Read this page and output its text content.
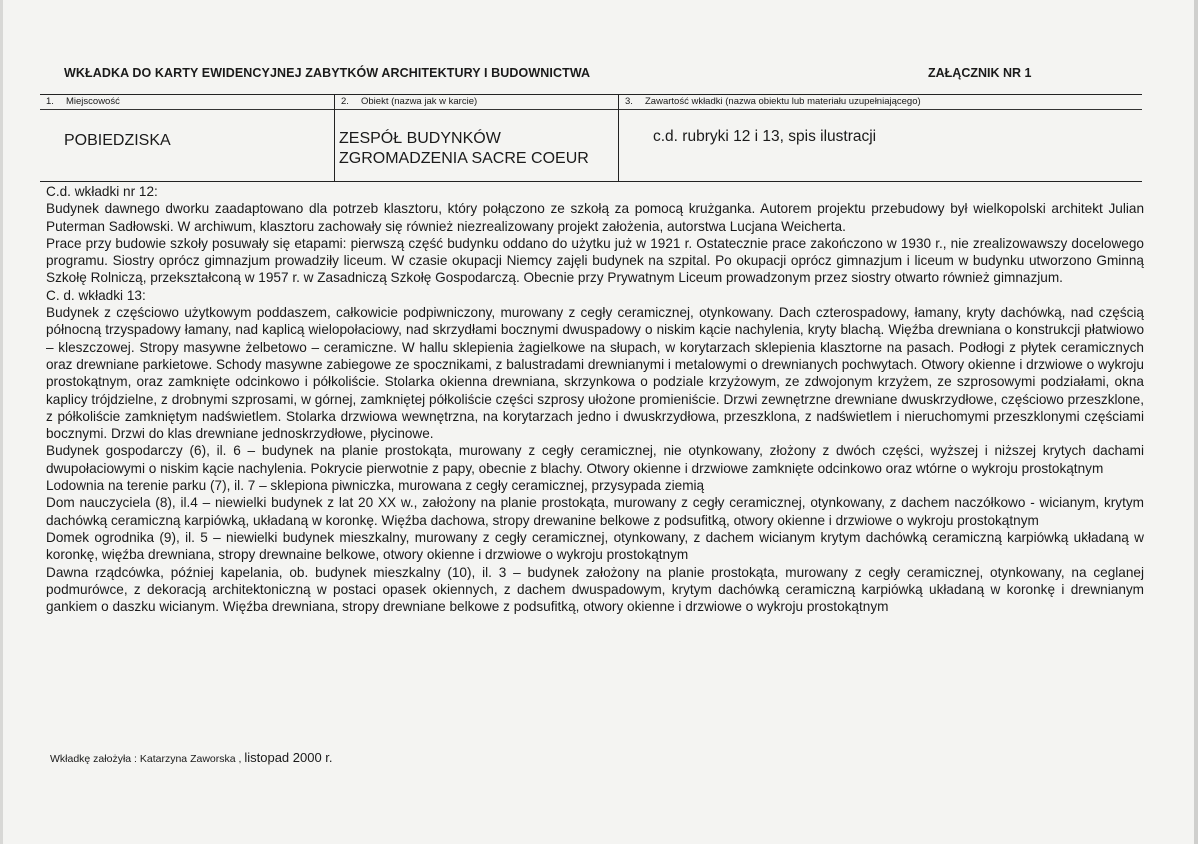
WKŁADKA DO KARTY EWIDENCYJNEJ ZABYTKÓW ARCHITEKTURY I BUDOWNICTWA	ZAŁĄCZNIK NR 1
1. Miejscowość
POBIEDZISKA
2. Obiekt (nazwa jak w karcie)
ZESPÓŁ BUDYNKÓW
ZGROMADZENIA SACRE COEUR
3. Zawartość wkładki (nazwa obiektu lub materiału uzupełniającego)
c.d. rubryki 12 i 13, spis ilustracji

C.d. wkładki nr 12:

Budynek dawnego dworku zaadaptowano dla potrzeb klasztoru, który połączono ze szkołą za pomocą krużganka. Autorem projektu przebudowy był wielkopolski architekt Julian Puterman Sadłowski. W archiwum, klasztoru zachowały się również niezrealizowany projekt założenia, autorstwa Lucjana Weicherta.

Prace przy budowie szkoły posuwały się etapami: pierwszą część budynku oddano do użytku już w 1921 r. Ostatecznie prace zakończono w 1930 r., nie zrealizowawszy docelowego programu. Siostry oprócz gimnazjum prowadziły liceum. W czasie okupacji Niemcy zajęli budynek na szpital. Po okupacji oprócz gimnazjum i liceum w budynku utworzono Gminną Szkołę Rolniczą, przekształconą w 1957 r. w Zasadniczą Szkołę Gospodarczą. Obecnie przy Prywatnym Liceum prowadzonym przez siostry otwarto również gimnazjum.

C. d. wkładki 13:

Budynek z częściowo użytkowym poddaszem, całkowicie podpiwniczony, murowany z cegły ceramicznej, otynkowany. Dach czterospadowy, łamany, kryty dachówką, nad częścią północną trzyspadowy łamany, nad kaplicą wielopołaciowy, nad skrzydłami bocznymi dwuspadowy o niskim kącie nachylenia, kryty blachą. Więźba drewniana o konstrukcji płatwiowo – kleszczowej. Stropy masywne żelbetowo – ceramiczne. W hallu sklepienia żagielkowe na słupach, w korytarzach sklepienia klasztorne na pasach. Podłogi z płytek ceramicznych oraz drewniane parkietowe. Schody masywne zabiegowe ze spocznikami, z balustradami drewnianymi i metalowymi o drewnianych pochwytach. Otwory okienne i drzwiowe o wykroju prostokątnym, oraz zamknięte odcinkowo i półkoliście. Stolarka okienna drewniana, skrzynkowa o podziale krzyżowym, ze zdwojonym krzyżem, ze szprosowymi podziałami, okna kaplicy trójdzielne, z drobnymi szprosami, w górnej, zamkniętej półkoliście części szprosy ułożone promieniście. Drzwi zewnętrzne drewniane dwuskrzydłowe, częściowo przeszklone, z półkoliście zamkniętym nadświetlem. Stolarka drzwiowa wewnętrzna, na korytarzach jedno i dwuskrzydłowa, przeszklona, z nadświetlem i nieruchomymi przeszklonymi częściami bocznymi. Drzwi do klas drewniane jednoskrzydłowe, płycinowe.

Budynek gospodarczy (6), il. 6 – budynek na planie prostokąta, murowany z cegły ceramicznej, nie otynkowany, złożony z dwóch części, wyższej i niższej krytych dachami dwupołaciowymi o niskim kącie nachylenia. Pokrycie pierwotnie z papy, obecnie z blachy. Otwory okienne i drzwiowe zamknięte odcinkowo oraz wtórne o wykroju prostokątnym

Lodownia na terenie parku (7), il. 7 – sklepiona piwniczka, murowana z cegły ceramicznej, przysypada ziemią

Dom nauczyciela (8), il.4 – niewielki budynek z lat 20 XX w., założony na planie prostokąta, murowany z cegły ceramicznej, otynkowany, z dachem naczółkowo - wicianym, krytym dachówką ceramiczną karpiówką, układaną w koronkę. Więźba dachowa, stropy drewanine belkowe z podsufitką, otwory okienne i drzwiowe o wykroju prostokątnym

Domek ogrodnika (9), il. 5 – niewielki budynek mieszkalny, murowany z cegły ceramicznej, otynkowany, z dachem wicianym krytym dachówką ceramiczną karpiówką układaną w koronkę, więźba drewniana, stropy drewnaine belkowe, otwory okienne i drzwiowe o wykroju prostokątnym

Dawna rządcówka, później kapelania, ob. budynek mieszkalny (10), il. 3 – budynek założony na planie prostokąta, murowany z cegły ceramicznej, otynkowany, na ceglanej podmurówce, z dekoracją architektoniczną w postaci opasek okiennych, z dachem dwuspadowym, krytym dachówką ceramiczną karpiówką układaną w koronkę i drewnianym gankiem o daszku wicianym. Więźba drewniana, stropy drewniane belkowe z podsufitką, otwory okienne i drzwiowe o wykroju prostokątnym

Wkładkę założyła : Katarzyna Zaworska , listopad 2000 r.
